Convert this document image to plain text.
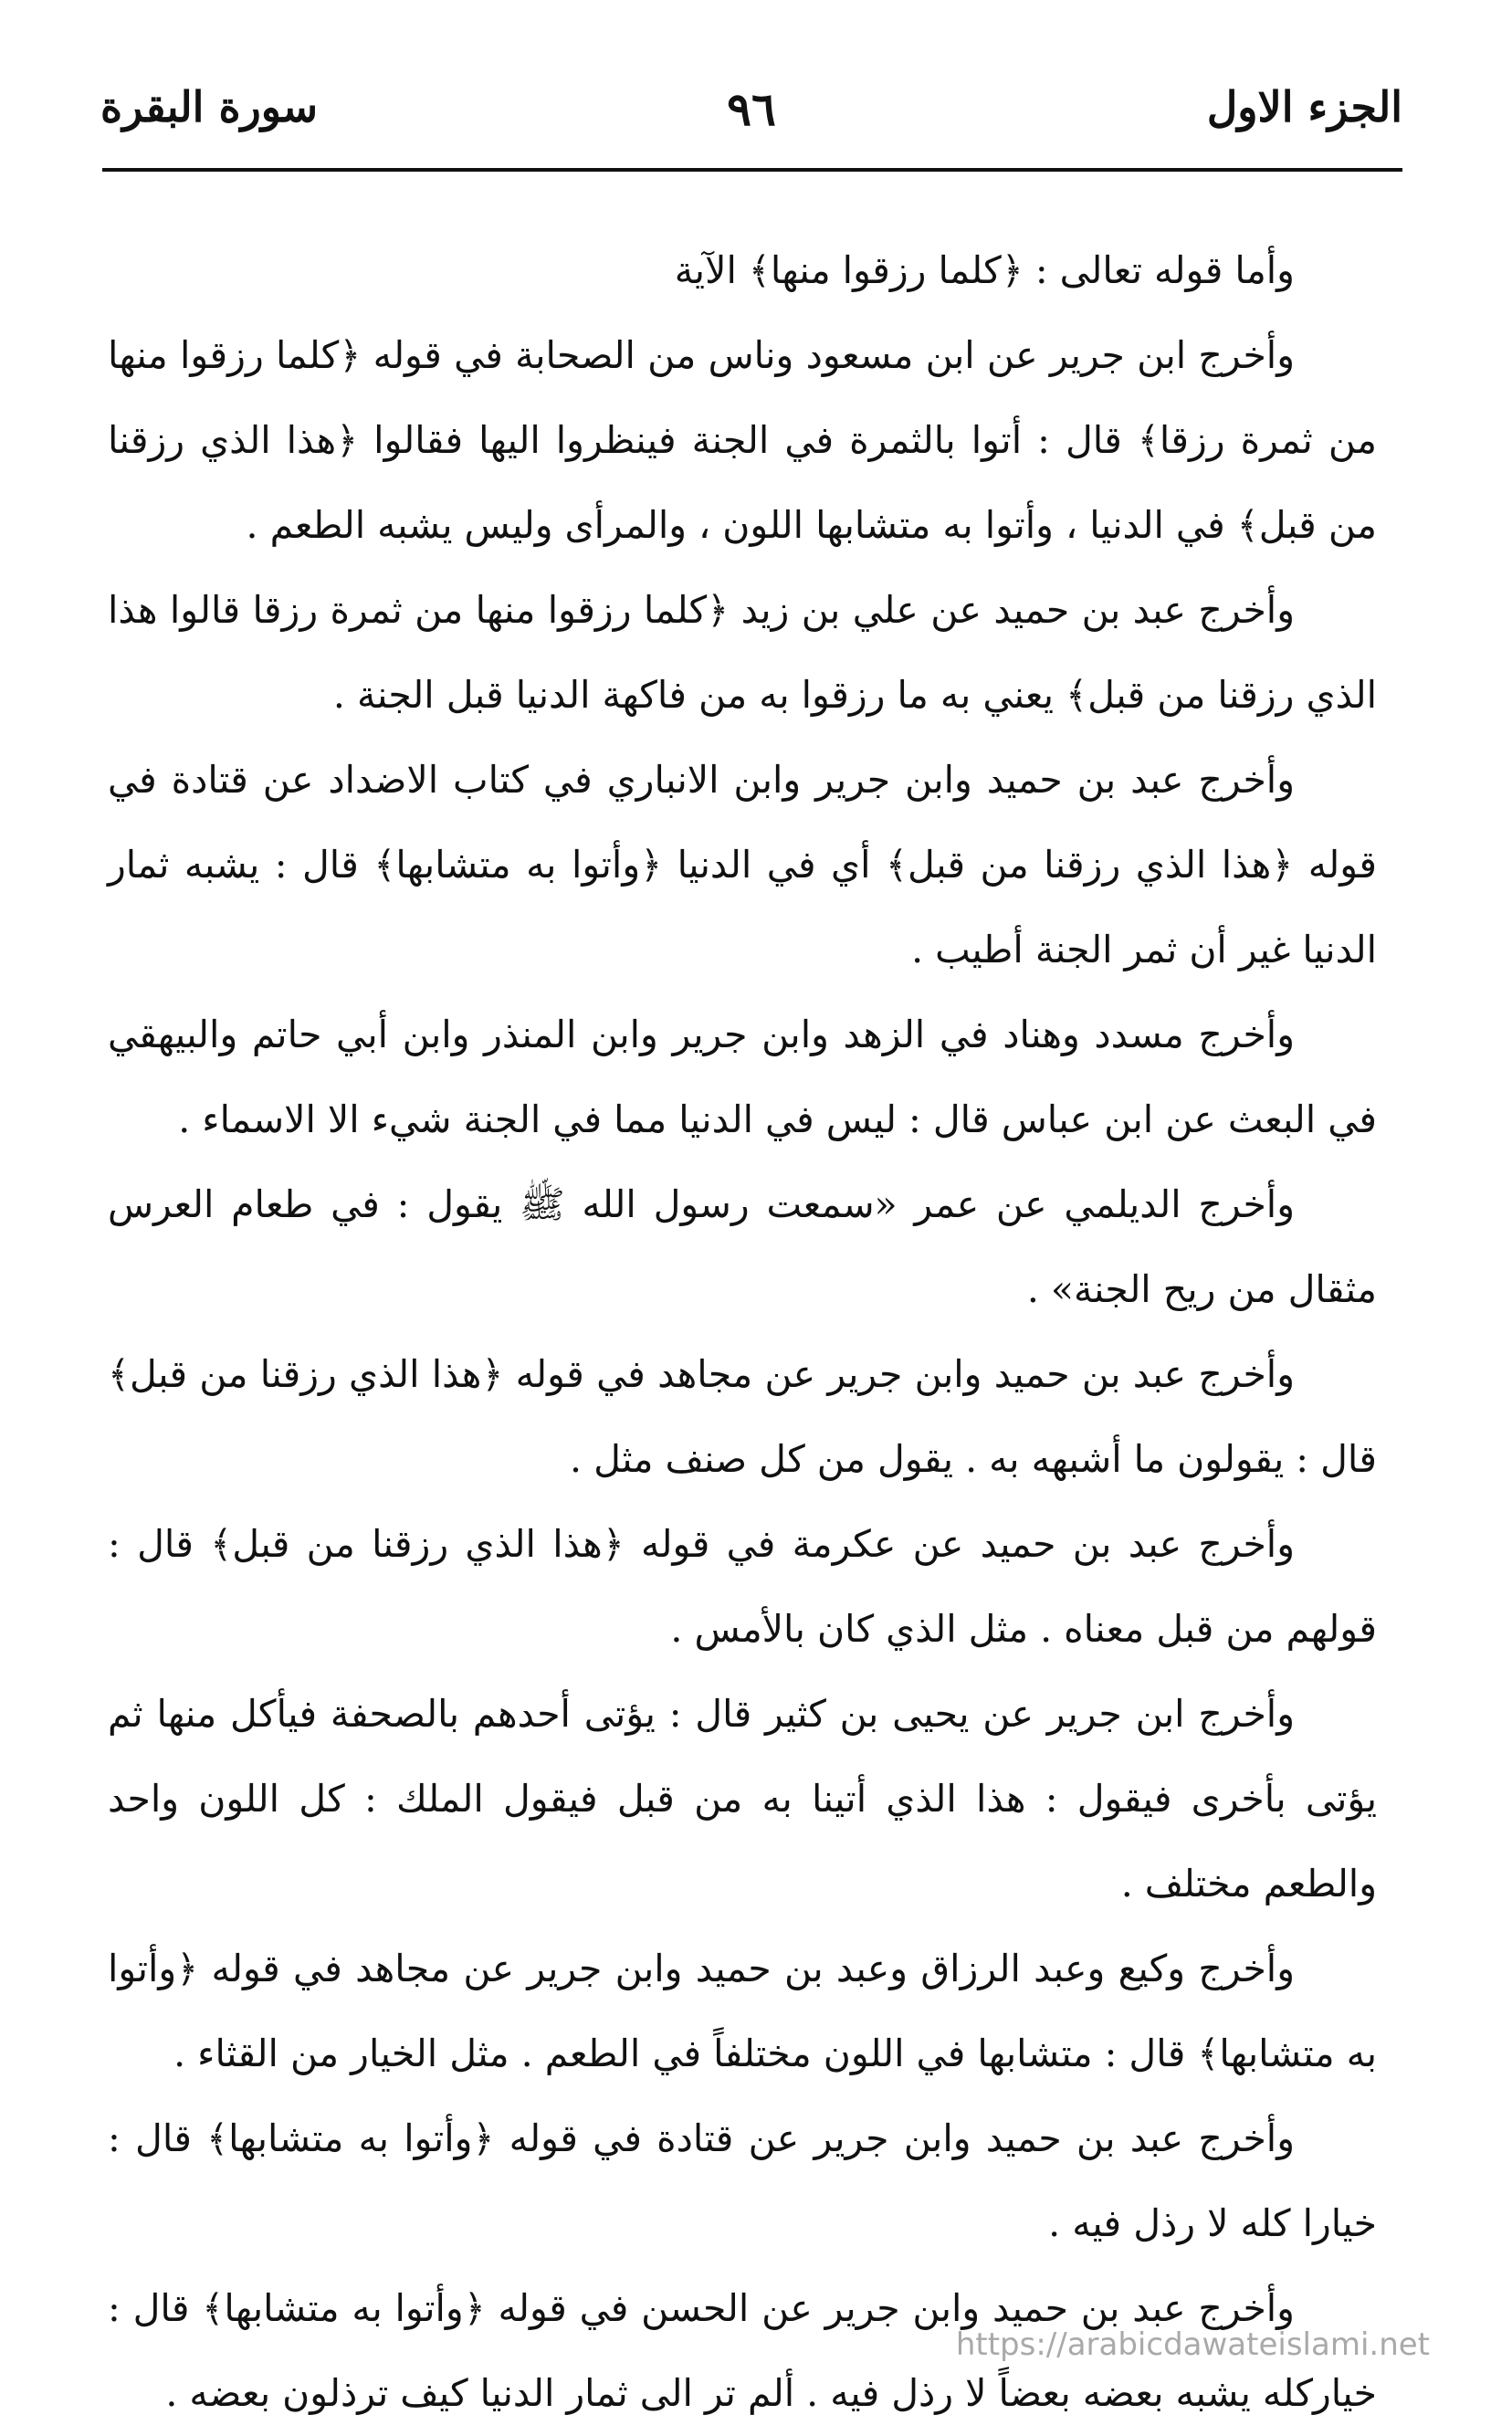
الجزء الاول
٩٦
سورة البقرة

وأما قوله تعالى : ﴿كلما رزقوا منها﴾ الآية

وأخرج ابن جرير عن ابن مسعود وناس من الصحابة في قوله ﴿كلما رزقوا منها من ثمرة رزقا﴾ قال : أتوا بالثمرة في الجنة فينظروا اليها فقالوا ﴿هذا الذي رزقنا من قبل﴾ في الدنيا ، وأتوا به متشابها اللون ، والمرأى وليس يشبه الطعم .

وأخرج عبد بن حميد عن علي بن زيد ﴿كلما رزقوا منها من ثمرة رزقا قالوا هذا الذي رزقنا من قبل﴾ يعني به ما رزقوا به من فاكهة الدنيا قبل الجنة .

وأخرج عبد بن حميد وابن جرير وابن الانباري في كتاب الاضداد عن قتادة في قوله ﴿هذا الذي رزقنا من قبل﴾ أي في الدنيا ﴿وأتوا به متشابها﴾ قال : يشبه ثمار الدنيا غير أن ثمر الجنة أطيب .

وأخرج مسدد وهناد في الزهد وابن جرير وابن المنذر وابن أبي حاتم والبيهقي في البعث عن ابن عباس قال : ليس في الدنيا مما في الجنة شيء الا الاسماء .

وأخرج الديلمي عن عمر «سمعت رسول الله ﷺ يقول : في طعام العرس مثقال من ريح الجنة» .

وأخرج عبد بن حميد وابن جرير عن مجاهد في قوله ﴿هذا الذي رزقنا من قبل﴾ قال : يقولون ما أشبهه به . يقول من كل صنف مثل .

وأخرج عبد بن حميد عن عكرمة في قوله ﴿هذا الذي رزقنا من قبل﴾ قال : قولهم من قبل معناه . مثل الذي كان بالأمس .

وأخرج ابن جرير عن يحيى بن كثير قال : يؤتى أحدهم بالصحفة فيأكل منها ثم يؤتى بأخرى فيقول : هذا الذي أتينا به من قبل فيقول الملك : كل اللون واحد والطعم مختلف .

وأخرج وكيع وعبد الرزاق وعبد بن حميد وابن جرير عن مجاهد في قوله ﴿وأتوا به متشابها﴾ قال : متشابها في اللون مختلفاً في الطعم . مثل الخيار من القثاء .

وأخرج عبد بن حميد وابن جرير عن قتادة في قوله ﴿وأتوا به متشابها﴾ قال : خيارا كله لا رذل فيه .

وأخرج عبد بن حميد وابن جرير عن الحسن في قوله ﴿وأتوا به متشابها﴾ قال : خياركله يشبه بعضه بعضاً لا رذل فيه . ألم تر الى ثمار الدنيا كيف ترذلون بعضه .

https://arabicdawateislami.net
